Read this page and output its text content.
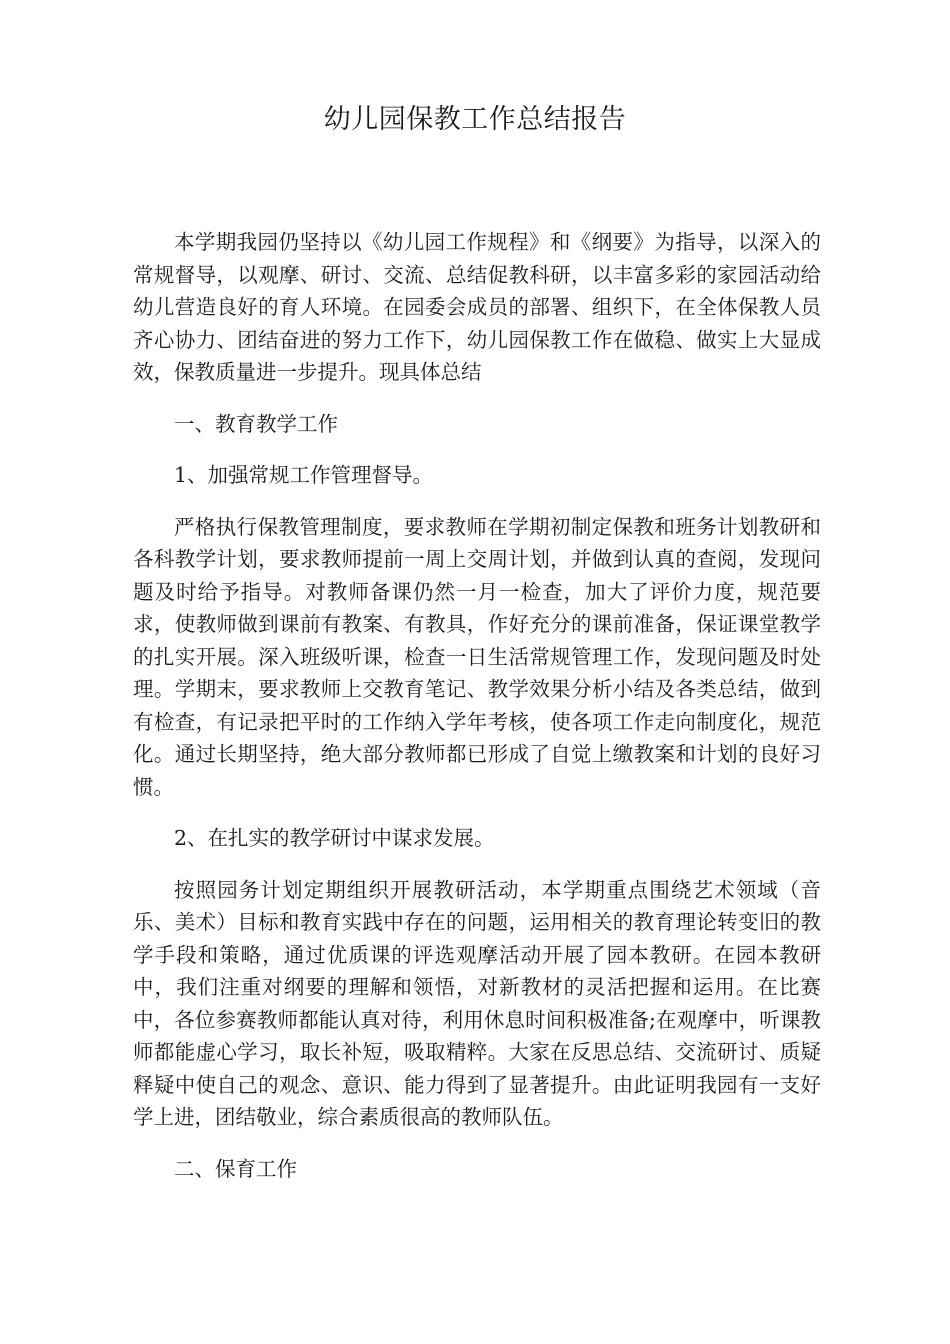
幼儿园保教工作总结报告

本学期我园仍坚持以《幼儿园工作规程》和《纲要》为指导，以深入的常规督导，以观摩、研讨、交流、总结促教科研，以丰富多彩的家园活动给幼儿营造良好的育人环境。在园委会成员的部署、组织下，在全体保教人员齐心协力、团结奋进的努力工作下，幼儿园保教工作在做稳、做实上大显成效，保教质量进一步提升。现具体总结

一、教育教学工作

1、加强常规工作管理督导。

严格执行保教管理制度，要求教师在学期初制定保教和班务计划教研和各科教学计划，要求教师提前一周上交周计划，并做到认真的查阅，发现问题及时给予指导。对教师备课仍然一月一检查，加大了评价力度，规范要求，使教师做到课前有教案、有教具，作好充分的课前准备，保证课堂教学的扎实开展。深入班级听课，检查一日生活常规管理工作，发现问题及时处理。学期末，要求教师上交教育笔记、教学效果分析小结及各类总结，做到有检查，有记录把平时的工作纳入学年考核，使各项工作走向制度化，规范化。通过长期坚持，绝大部分教师都已形成了自觉上缴教案和计划的良好习惯。

2、在扎实的教学研讨中谋求发展。

按照园务计划定期组织开展教研活动，本学期重点围绕艺术领域（音乐、美术）目标和教育实践中存在的问题，运用相关的教育理论转变旧的教学手段和策略，通过优质课的评选观摩活动开展了园本教研。在园本教研中，我们注重对纲要的理解和领悟，对新教材的灵活把握和运用。在比赛中，各位参赛教师都能认真对待，利用休息时间积极准备;在观摩中，听课教师都能虚心学习，取长补短，吸取精粹。大家在反思总结、交流研讨、质疑释疑中使自己的观念、意识、能力得到了显著提升。由此证明我园有一支好学上进，团结敬业，综合素质很高的教师队伍。

二、保育工作
